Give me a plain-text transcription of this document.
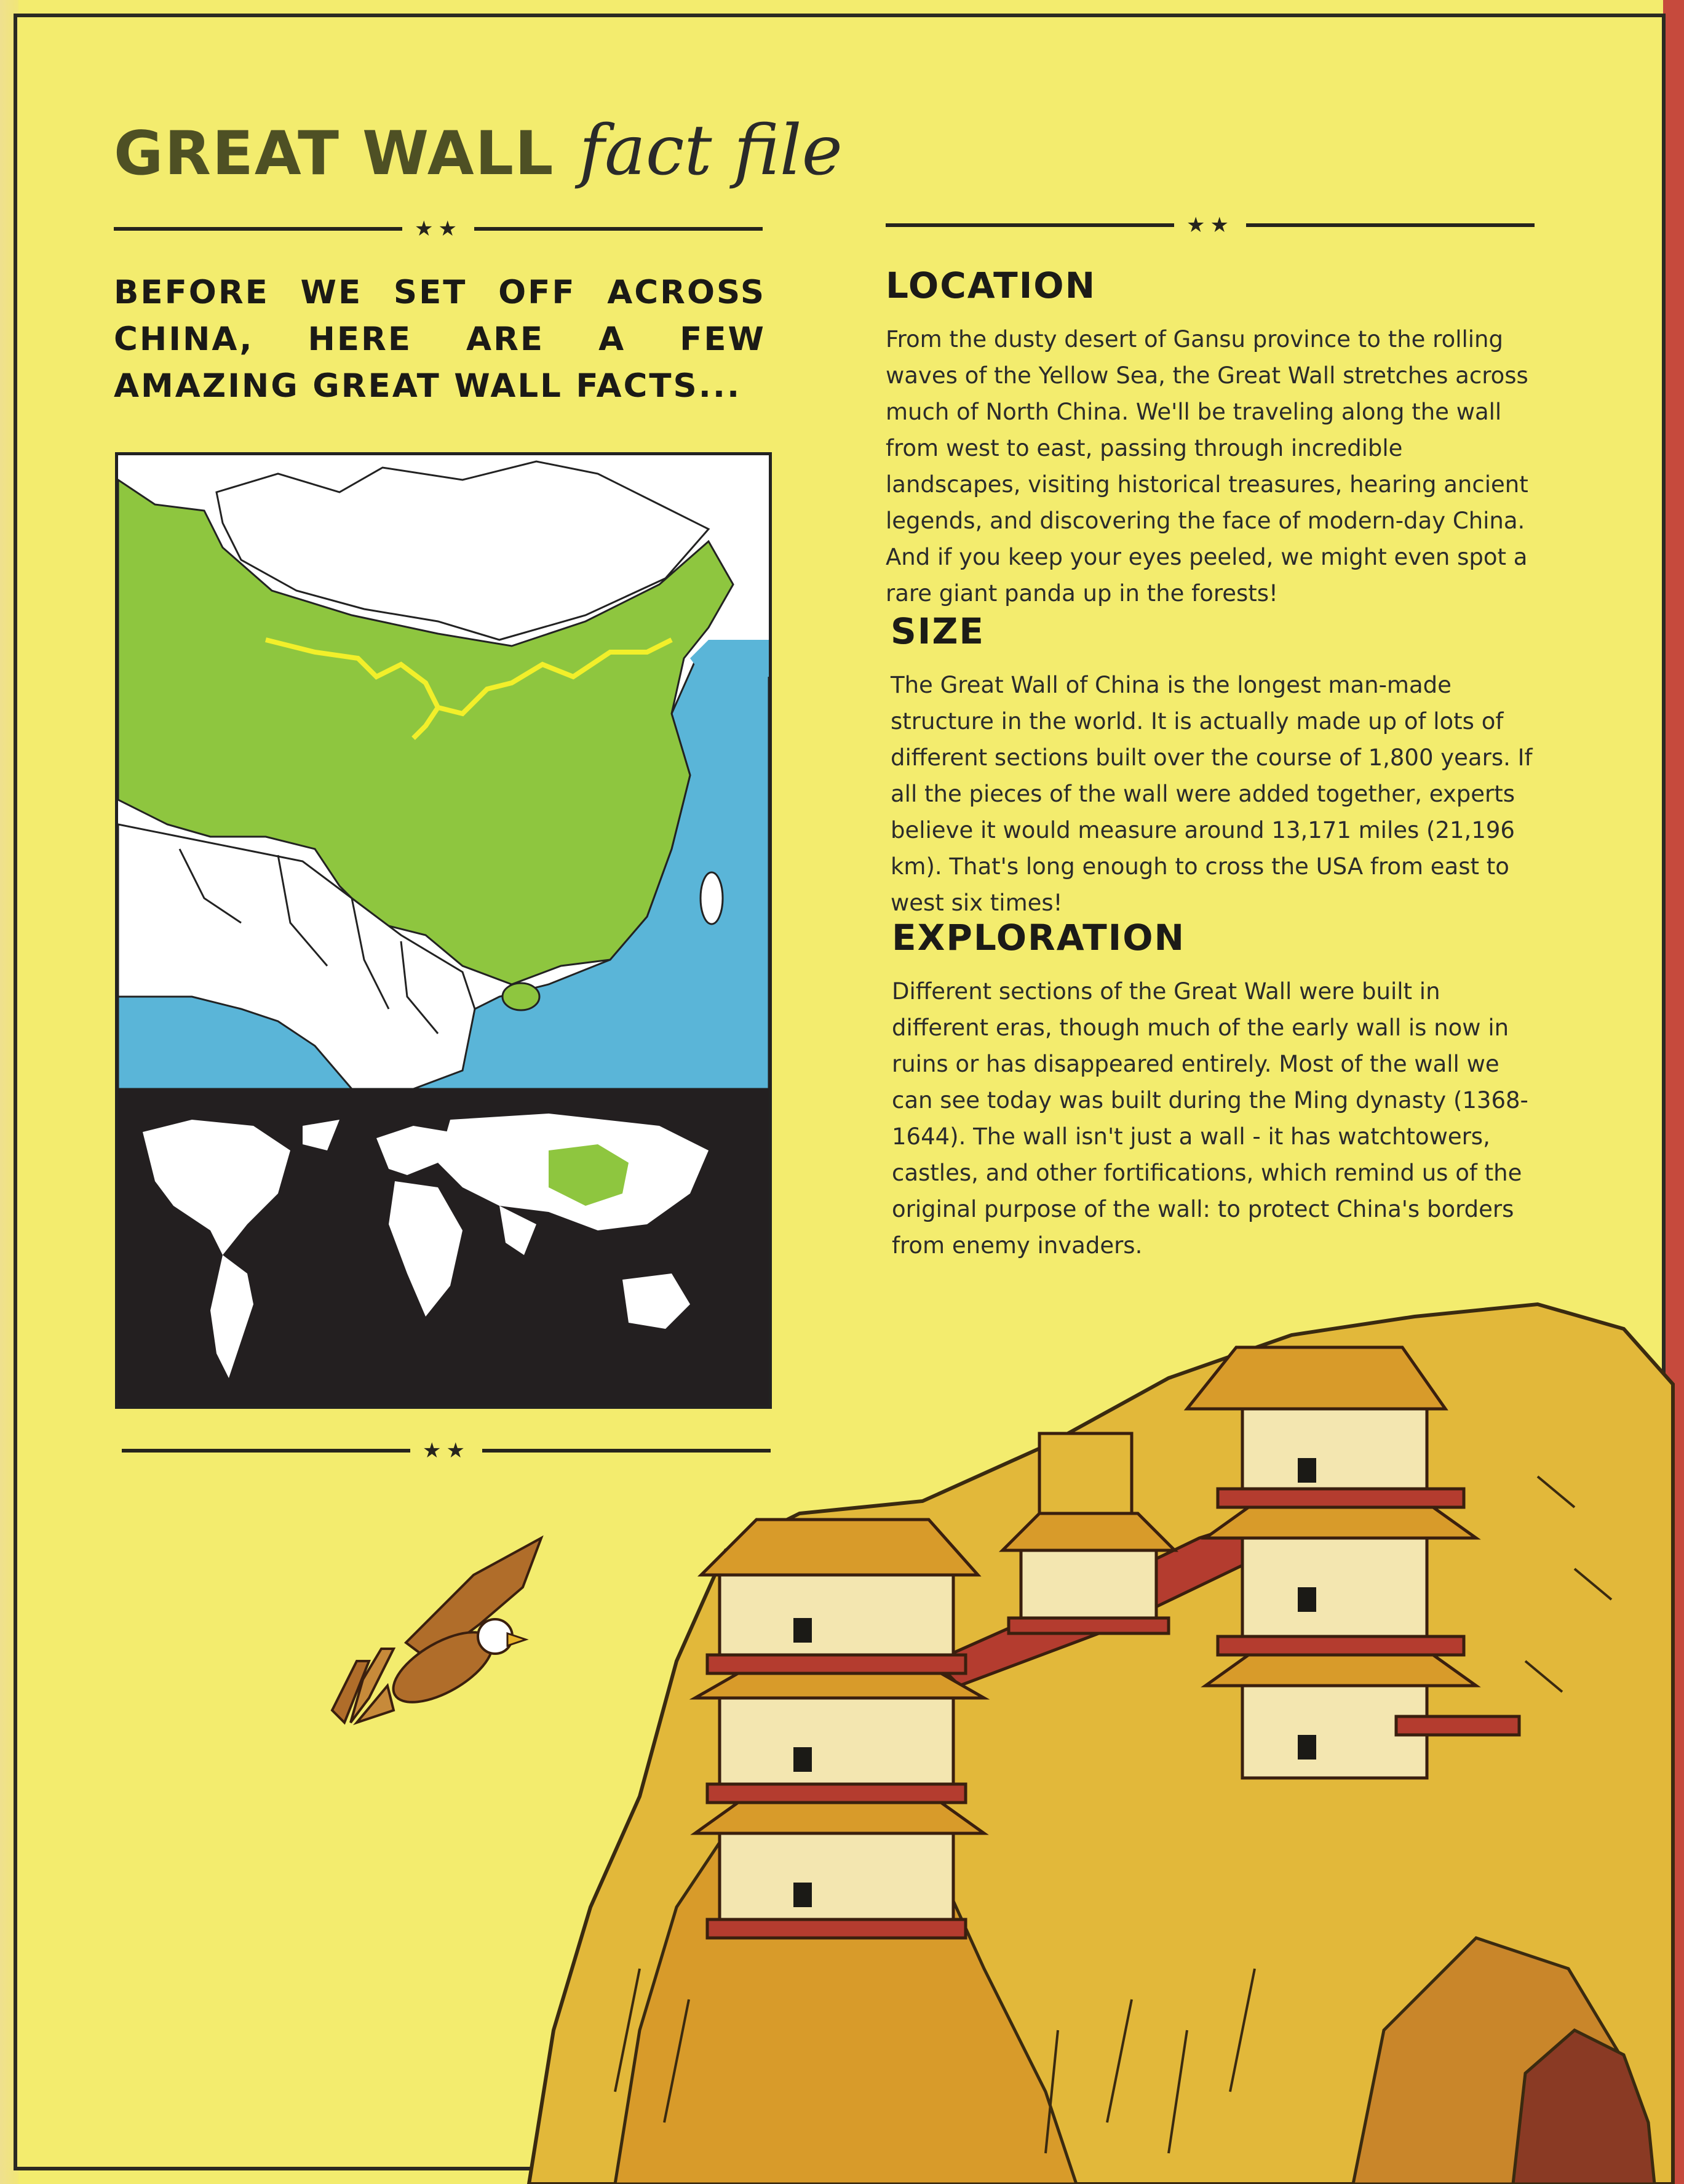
GREAT WALL fact file
★★	★★
★★
BEFORE WE SET OFF ACROSS CHINA, HERE ARE A FEW AMAZING GREAT WALL FACTS...
LOCATION
From the dusty desert of Gansu province to the rolling waves of the Yellow Sea, the Great Wall stretches across much of North China. We'll be traveling along the wall from west to east, passing through incredible landscapes, visiting historical treasures, hearing ancient legends, and discovering the face of modern-day China. And if you keep your eyes peeled, we might even spot a rare giant panda up in the forests!
SIZE
The Great Wall of China is the longest man-made structure in the world. It is actually made up of lots of different sections built over the course of 1,800 years. If all the pieces of the wall were added together, experts believe it would measure around 13,171 miles (21,196 km). That's long enough to cross the USA from east to west six times!
EXPLORATION
Different sections of the Great Wall were built in different eras, though much of the early wall is now in ruins or has disappeared entirely. Most of the wall we can see today was built during the Ming dynasty (1368-1644). The wall isn't just a wall - it has watchtowers, castles, and other fortifications, which remind us of the original purpose of the wall: to protect China's borders from enemy invaders.
